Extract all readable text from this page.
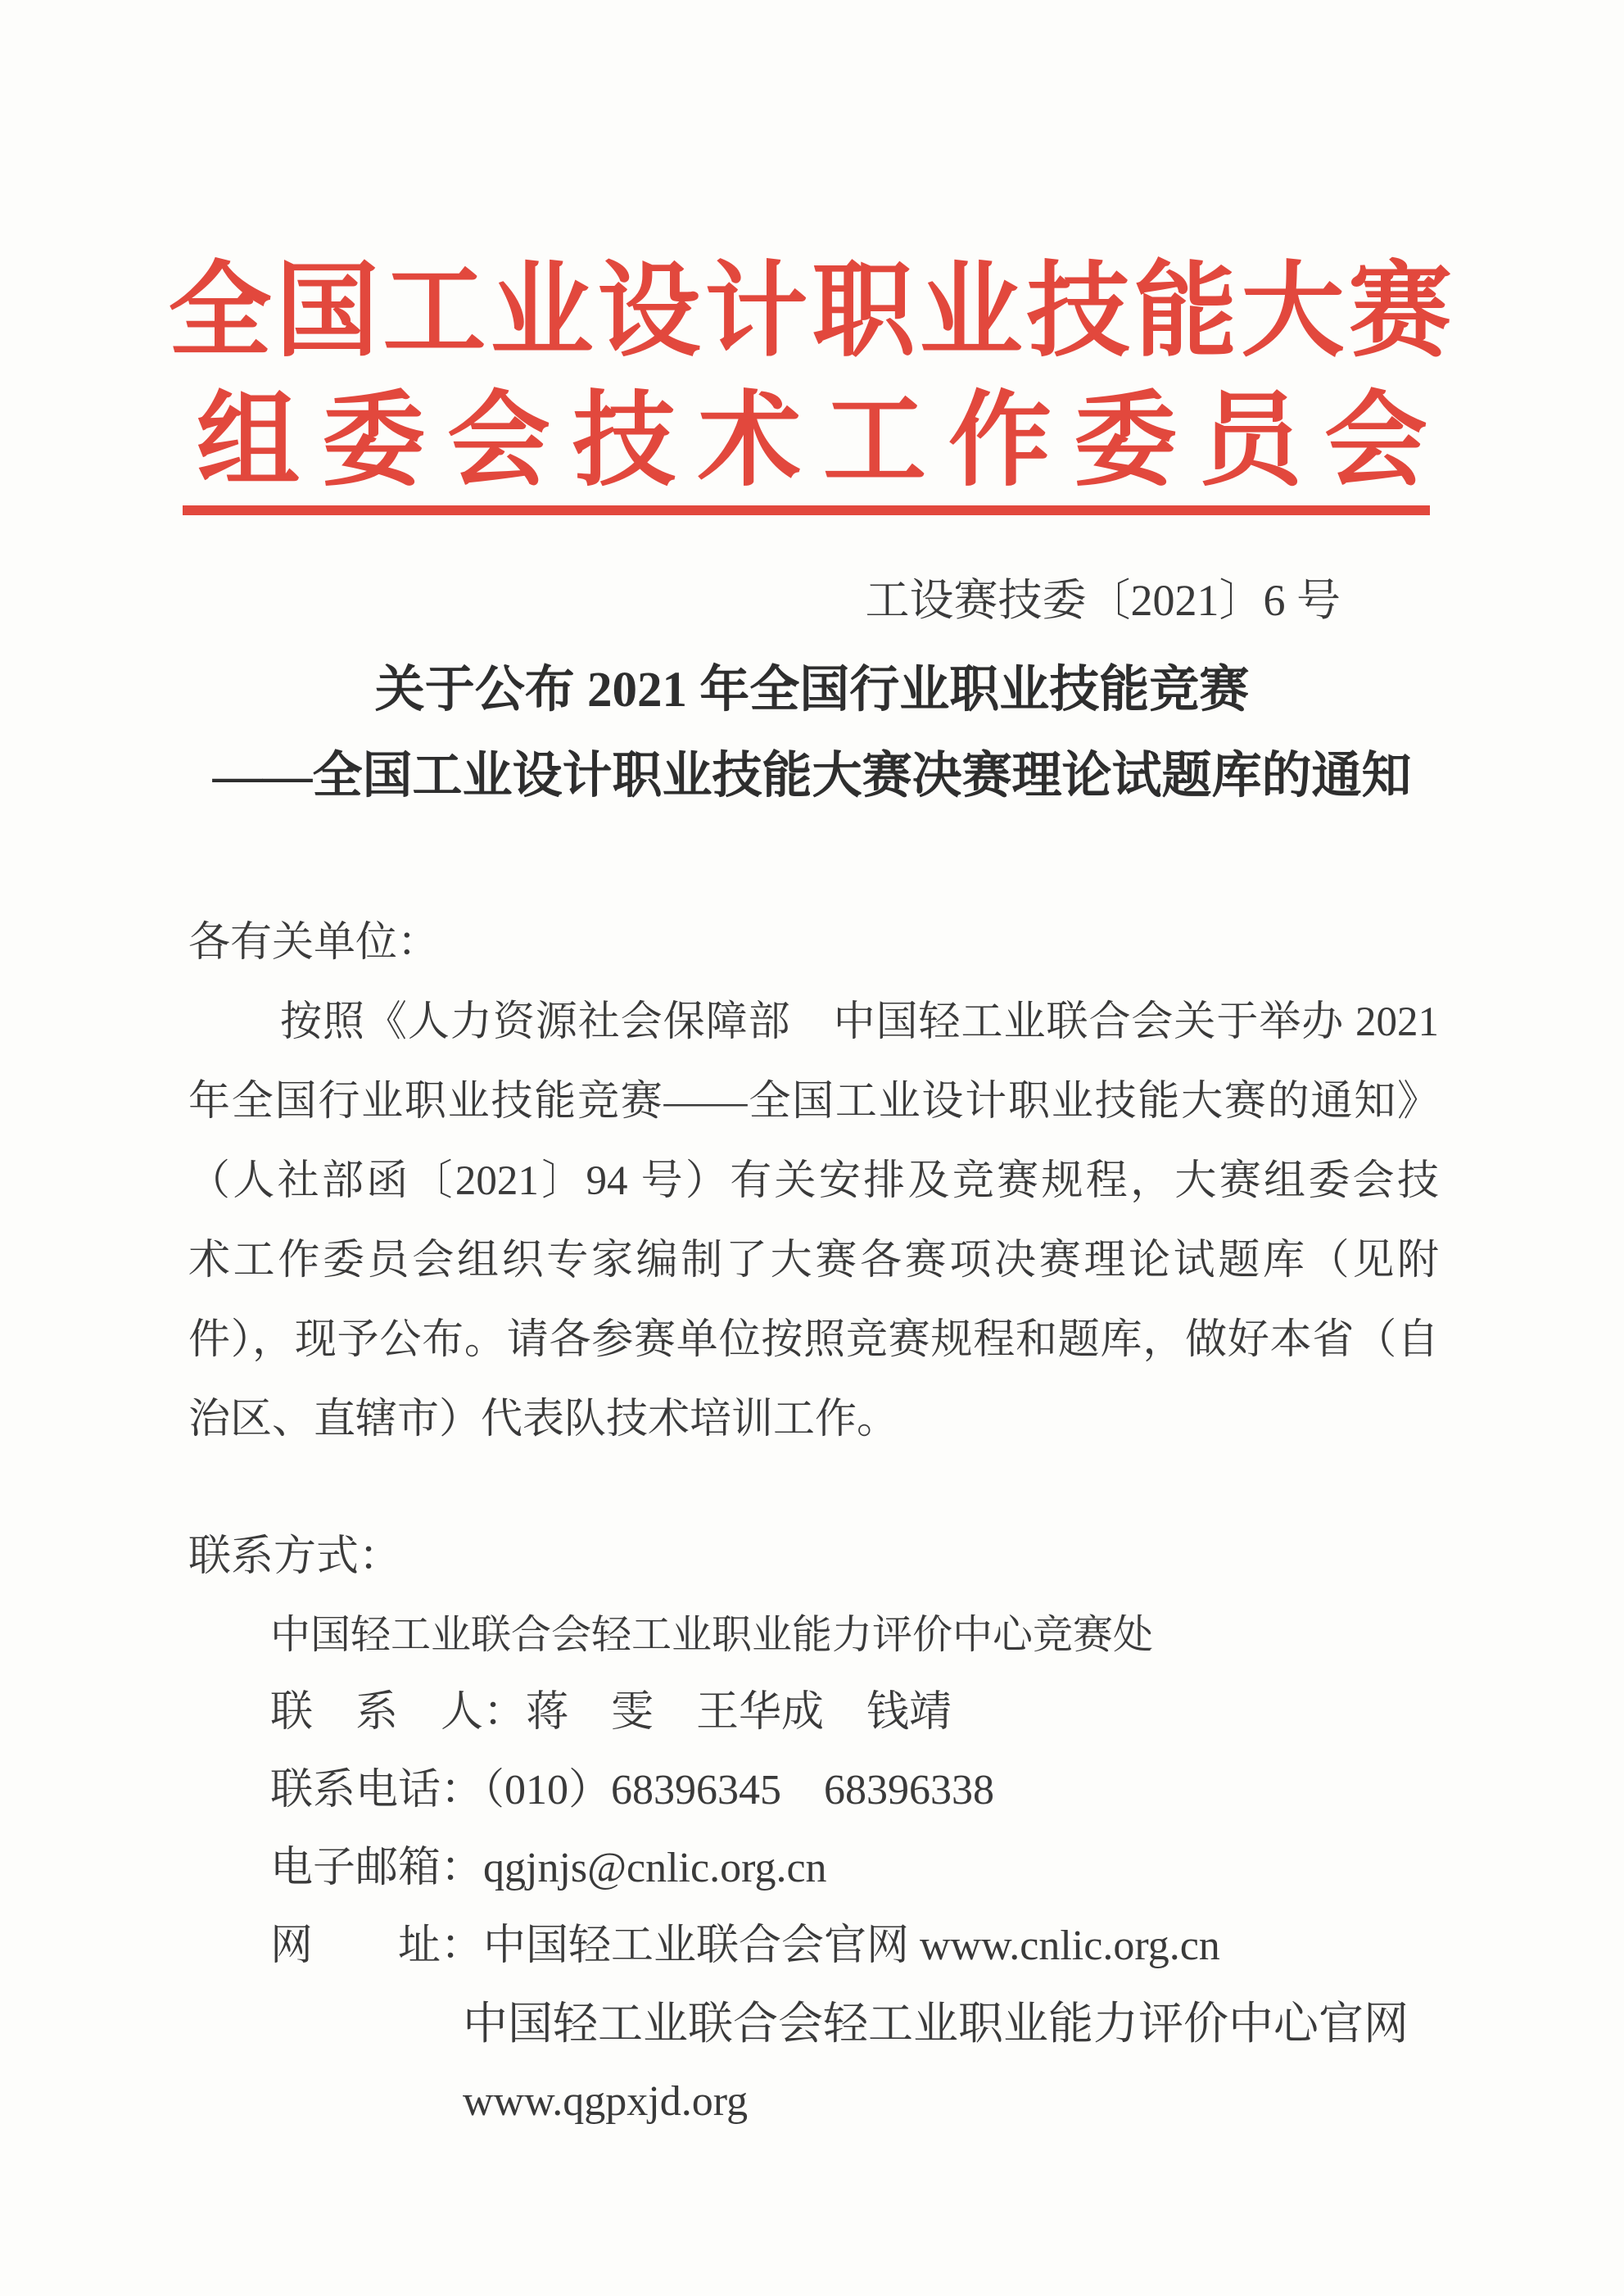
全国工业设计职业技能大赛
组委会技术工作委员会
工设赛技委〔2021〕6 号
关于公布 2021 年全国行业职业技能竞赛
——全国工业设计职业技能大赛决赛理论试题库的通知
各有关单位：
按照《人力资源社会保障部　中国轻工业联合会关于举办 2021
年全国行业职业技能竞赛——全国工业设计职业技能大赛的通知》
（人社部函〔2021〕94 号）有关安排及竞赛规程，大赛组委会技
术工作委员会组织专家编制了大赛各赛项决赛理论试题库（见附
件），现予公布。请各参赛单位按照竞赛规程和题库，做好本省（自
治区、直辖市）代表队技术培训工作。
联系方式：
中国轻工业联合会轻工业职业能力评价中心竞赛处
联　系　人：蒋　雯　王华成　钱靖
联系电话：（010）68396345　68396338
电子邮箱：qgjnjs@cnlic.org.cn
网　　址：中国轻工业联合会官网 www.cnlic.org.cn
中国轻工业联合会轻工业职业能力评价中心官网
www.qgpxjd.org
